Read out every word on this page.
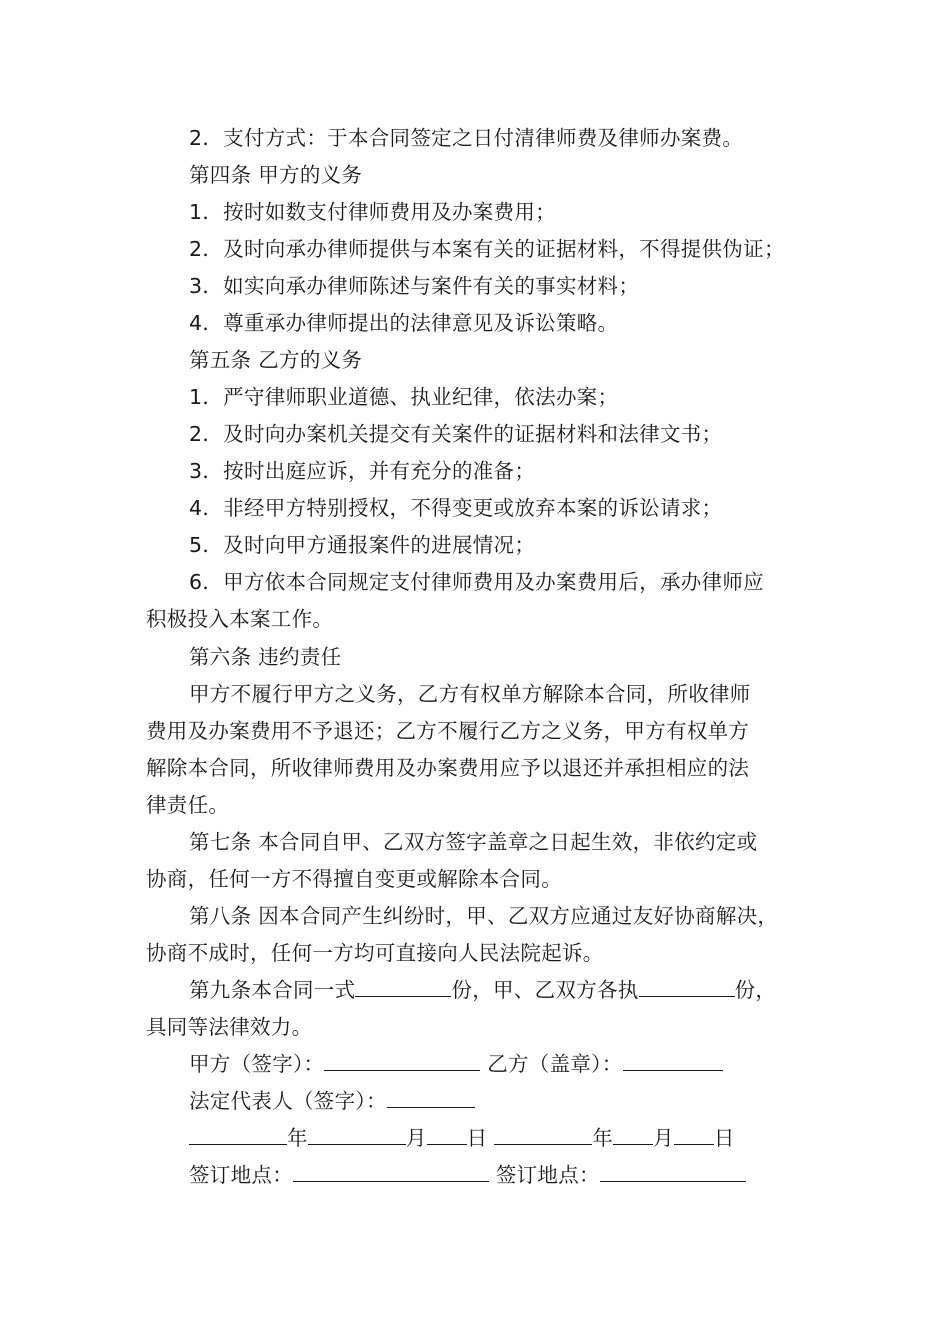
2．支付方式：于本合同签定之日付清律师费及律师办案费。
第四条 甲方的义务
1．按时如数支付律师费用及办案费用；
2．及时向承办律师提供与本案有关的证据材料，不得提供伪证；
3．如实向承办律师陈述与案件有关的事实材料；
4．尊重承办律师提出的法律意见及诉讼策略。
第五条 乙方的义务
1．严守律师职业道德、执业纪律，依法办案；
2．及时向办案机关提交有关案件的证据材料和法律文书；
3．按时出庭应诉，并有充分的准备；
4．非经甲方特别授权，不得变更或放弃本案的诉讼请求；
5．及时向甲方通报案件的进展情况；
6．甲方依本合同规定支付律师费用及办案费用后，承办律师应
积极投入本案工作。
第六条 违约责任
甲方不履行甲方之义务，乙方有权单方解除本合同，所收律师
费用及办案费用不予退还；乙方不履行乙方之义务，甲方有权单方
解除本合同，所收律师费用及办案费用应予以退还并承担相应的法
律责任。
第七条 本合同自甲、乙双方签字盖章之日起生效，非依约定或
协商，任何一方不得擅自变更或解除本合同。
第八条 因本合同产生纠纷时，甲、乙双方应通过友好协商解决，
协商不成时，任何一方均可直接向人民法院起诉。
第九条本合同一式	份，甲、乙双方各执	份，
具同等法律效力。
甲方（签字）：	乙方（盖章）：
法定代表人（签字）：
年	月 日	年 月 日
签订地点：	签订地点：
